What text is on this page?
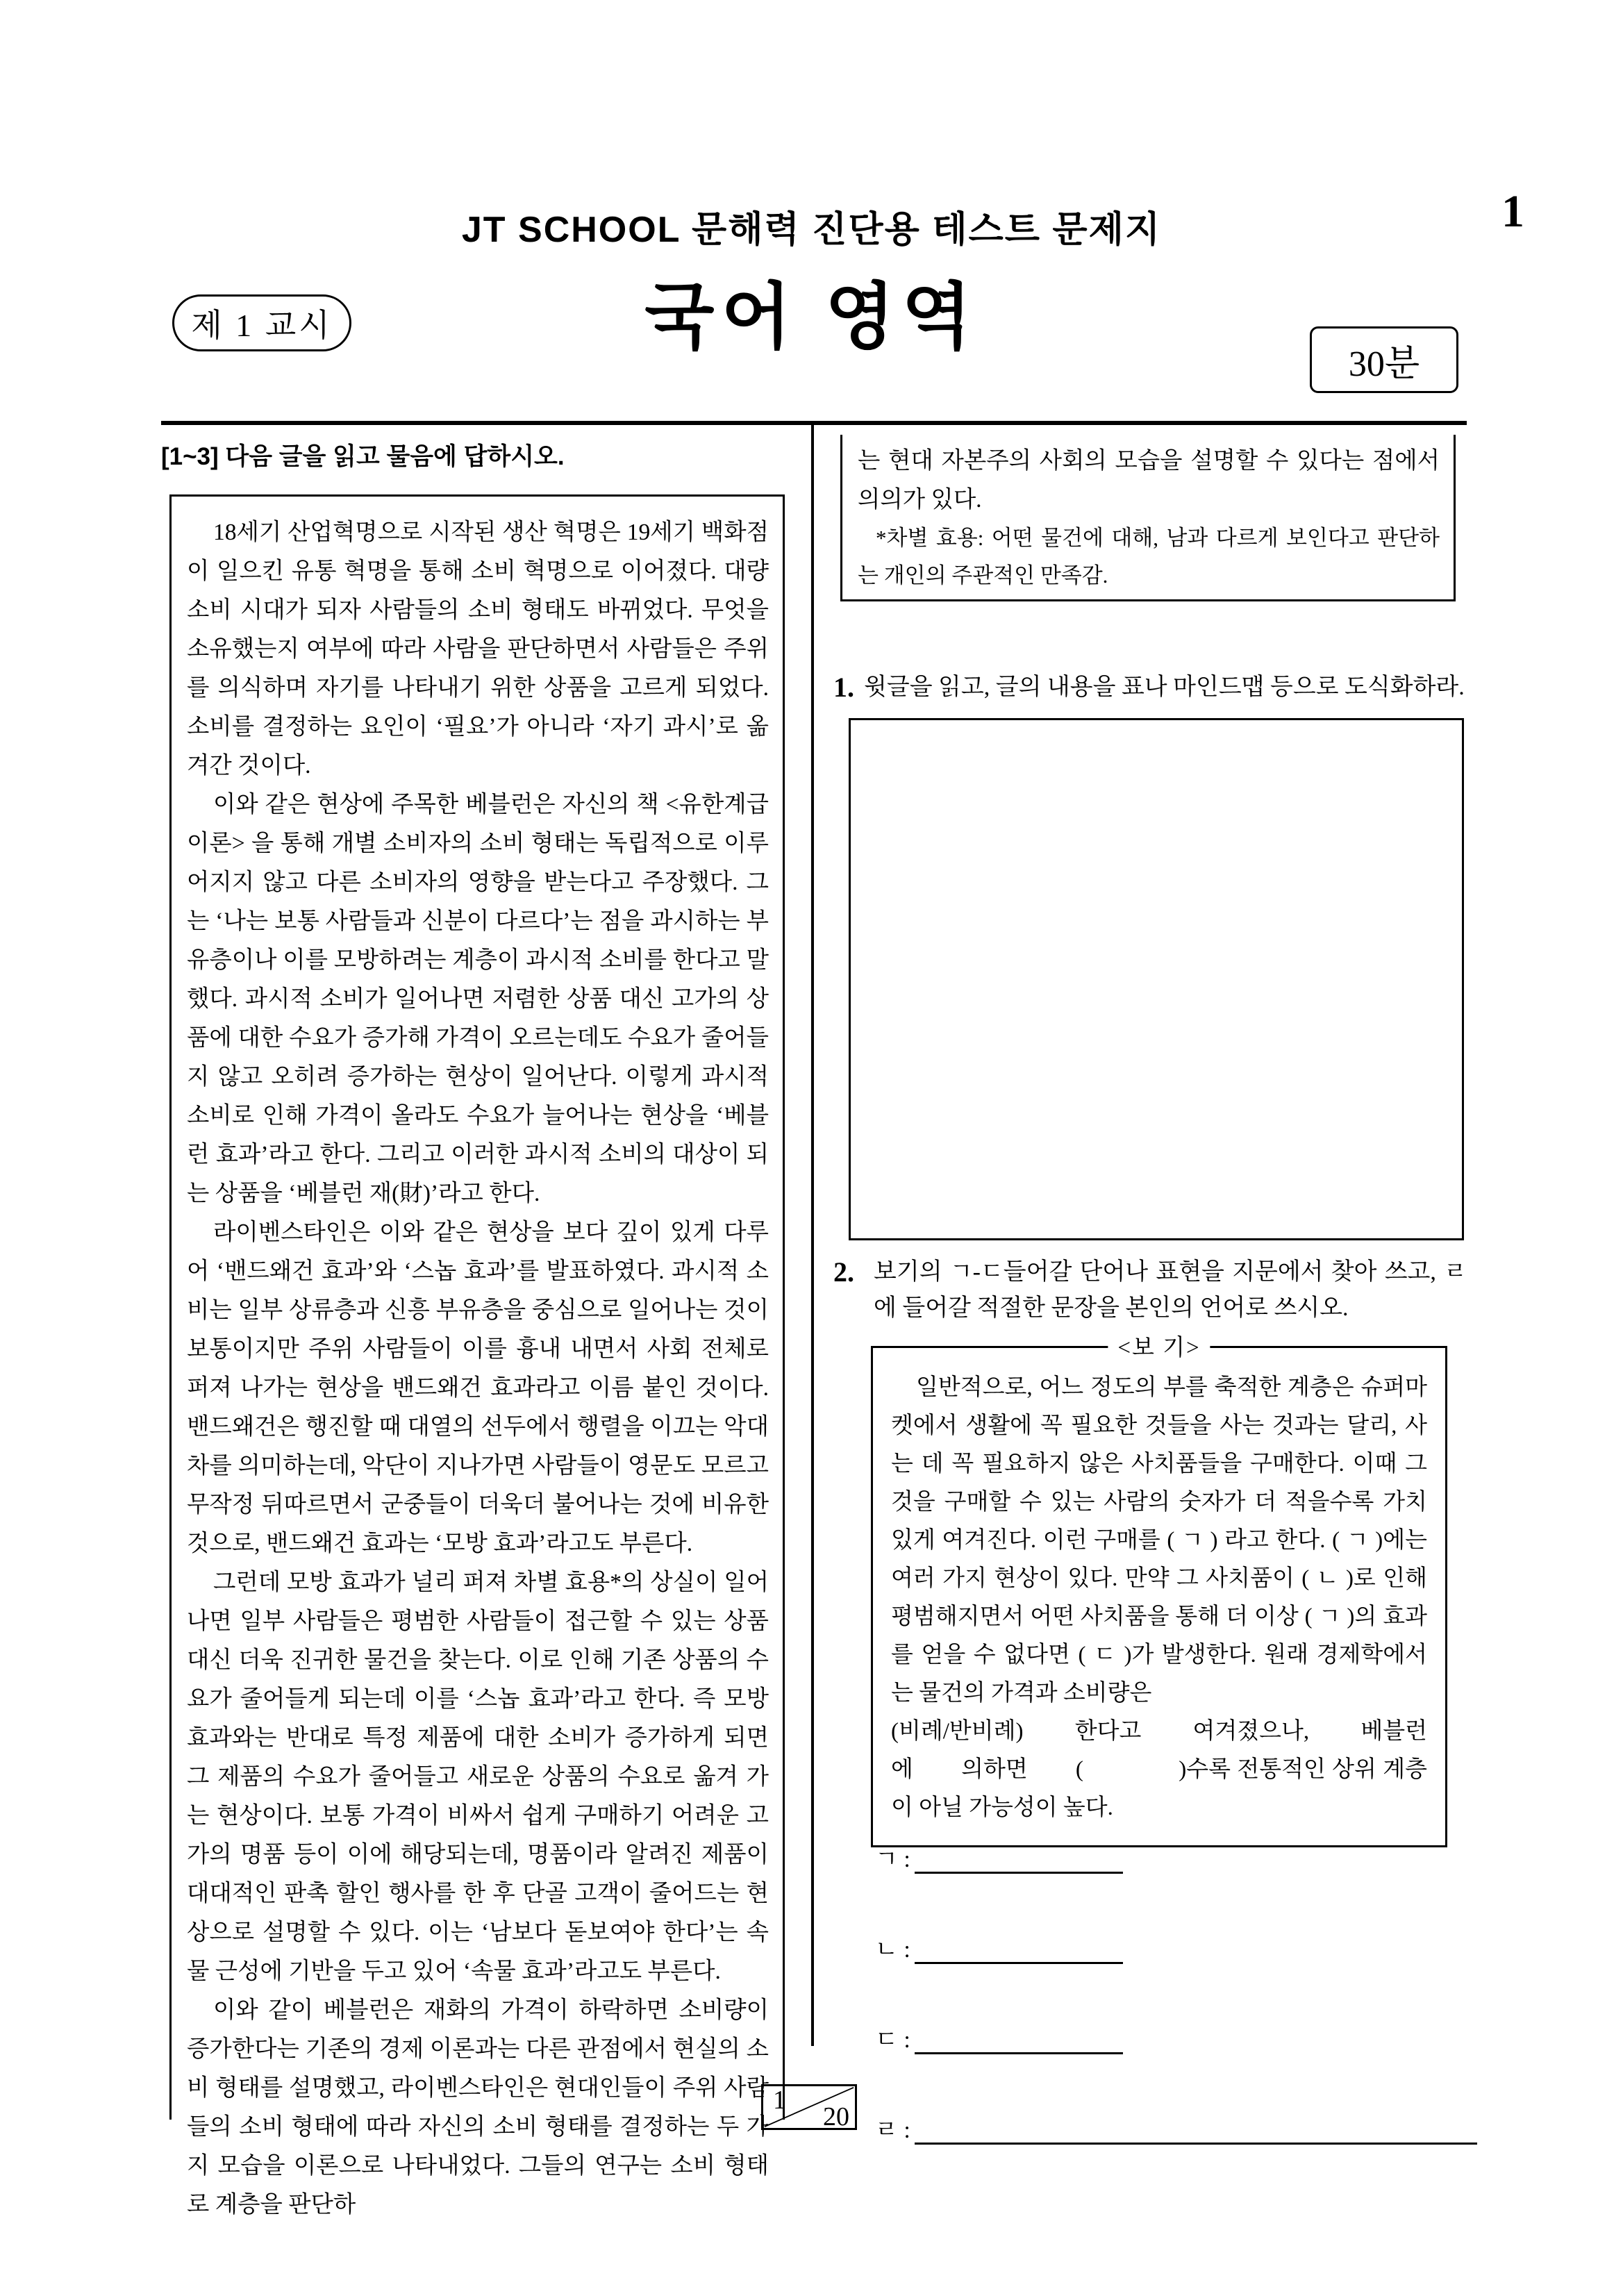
JT SCHOOL 문해력 진단용 테스트 문제지	1
국어 영역
제 1 교시
30분
[1~3] 다음 글을 읽고 물음에 답하시오.

18세기 산업혁명으로 시작된 생산 혁명은 19세기 백화점이 일으킨 유통 혁명을 통해 소비 혁명으로 이어졌다. 대량 소비 시대가 되자 사람들의 소비 형태도 바뀌었다. 무엇을 소유했는지 여부에 따라 사람을 판단하면서 사람들은 주위를 의식하며 자기를 나타내기 위한 상품을 고르게 되었다. 소비를 결정하는 요인이 ‘필요’가 아니라 ‘자기 과시’로 옮겨간 것이다.

이와 같은 현상에 주목한 베블런은 자신의 책 <유한계급 이론> 을 통해 개별 소비자의 소비 형태는 독립적으로 이루어지지 않고 다른 소비자의 영향을 받는다고 주장했다. 그는 ‘나는 보통 사람들과 신분이 다르다’는 점을 과시하는 부유층이나 이를 모방하려는 계층이 과시적 소비를 한다고 말했다. 과시적 소비가 일어나면 저렴한 상품 대신 고가의 상품에 대한 수요가 증가해 가격이 오르는데도 수요가 줄어들지 않고 오히려 증가하는 현상이 일어난다. 이렇게 과시적 소비로 인해 가격이 올라도 수요가 늘어나는 현상을 ‘베블런 효과’라고 한다. 그리고 이러한 과시적 소비의 대상이 되는 상품을 ‘베블런 재(財)’라고 한다.

라이벤스타인은 이와 같은 현상을 보다 깊이 있게 다루어 ‘밴드왜건 효과’와 ‘스놉 효과’를 발표하였다. 과시적 소비는 일부 상류층과 신흥 부유층을 중심으로 일어나는 것이 보통이지만 주위 사람들이 이를 흉내 내면서 사회 전체로 퍼져 나가는 현상을 밴드왜건 효과라고 이름 붙인 것이다. 밴드왜건은 행진할 때 대열의 선두에서 행렬을 이끄는 악대차를 의미하는데, 악단이 지나가면 사람들이 영문도 모르고 무작정 뒤따르면서 군중들이 더욱더 불어나는 것에 비유한 것으로, 밴드왜건 효과는 ‘모방 효과’라고도 부른다.

그런데 모방 효과가 널리 퍼져 차별 효용*의 상실이 일어나면 일부 사람들은 평범한 사람들이 접근할 수 있는 상품 대신 더욱 진귀한 물건을 찾는다. 이로 인해 기존 상품의 수요가 줄어들게 되는데 이를 ‘스놉 효과’라고 한다. 즉 모방 효과와는 반대로 특정 제품에 대한 소비가 증가하게 되면 그 제품의 수요가 줄어들고 새로운 상품의 수요로 옮겨 가는 현상이다. 보통 가격이 비싸서 쉽게 구매하기 어려운 고가의 명품 등이 이에 해당되는데, 명품이라 알려진 제품이 대대적인 판촉 할인 행사를 한 후 단골 고객이 줄어드는 현상으로 설명할 수 있다. 이는 ‘남보다 돋보여야 한다’는 속물 근성에 기반을 두고 있어 ‘속물 효과’라고도 부른다.

이와 같이 베블런은 재화의 가격이 하락하면 소비량이 증가한다는 기존의 경제 이론과는 다른 관점에서 현실의 소비 형태를 설명했고, 라이벤스타인은 현대인들이 주위 사람들의 소비 형태에 따라 자신의 소비 형태를 결정하는 두 가지 모습을 이론으로 나타내었다. 그들의 연구는 소비 형태로 계층을 판단하

는 현대 자본주의 사회의 모습을 설명할 수 있다는 점에서 의의가 있다.

*차별 효용: 어떤 물건에 대해, 남과 다르게 보인다고 판단하는 개인의 주관적인 만족감.

1. 윗글을 읽고, 글의 내용을 표나 마인드맵 등으로 도식화하라.
2. 보기의 ㄱ-ㄷ들어갈 단어나 표현을 지문에서 찾아 쓰고, ㄹ 에 들어갈 적절한 문장을 본인의 언어로 쓰시오.
<보 기>

일반적으로, 어느 정도의 부를 축적한 계층은 슈퍼마켓에서 생활에 꼭 필요한 것들을 사는 것과는 달리, 사는 데 꼭 필요하지 않은 사치품들을 구매한다. 이때 그것을 구매할 수 있는 사람의 숫자가 더 적을수록 가치 있게 여겨진다. 이런 구매를 ( ㄱ ) 라고 한다. ( ㄱ )에는 여러 가지 현상이 있다. 만약 그 사치품이 ( ㄴ )로 인해 평범해지면서 어떤 사치품을 통해 더 이상 ( ㄱ )의 효과를 얻을 수 없다면 ( ㄷ )가 발생한다. 원래 경제학에서는 물건의 가격과 소비량은

(비례/반비례)　　한다고　　여겨졌으나,　　베블런에　　의하면　　(　　　　)수록 전통적인 상위 계층이 아닐 가능성이 높다.

ㄱ :
ㄴ :
ㄷ :
ㄹ :
1
20
